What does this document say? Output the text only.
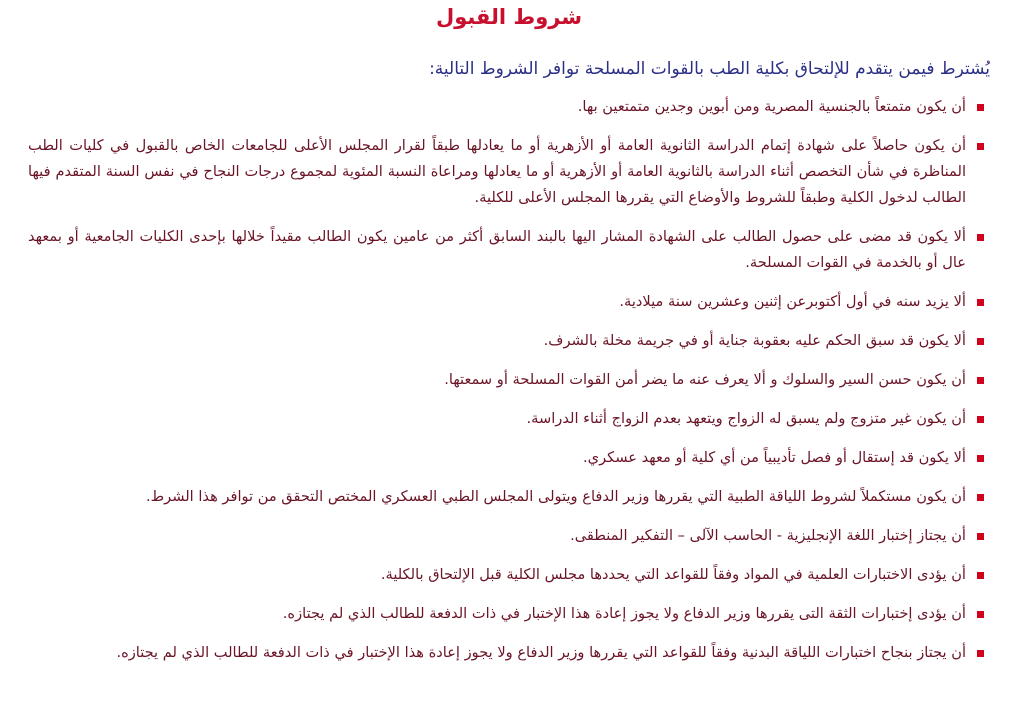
شروط القبول

يُشترط فيمن يتقدم للإلتحاق بكلية الطب بالقوات المسلحة توافر الشروط التالية:

أن يكون متمتعاً بالجنسية المصرية ومن أبوين وجدين متمتعين بها.
أن يكون حاصلاً على شهادة إتمام الدراسة الثانوية العامة أو الأزهرية أو ما يعادلها طبقاً لقرار المجلس الأعلى للجامعات الخاص بالقبول في كليات الطب المناظرة في شأن التخصص أثناء الدراسة بالثانوية العامة أو الأزهرية أو ما يعادلها ومراعاة النسبة المئوية لمجموع درجات النجاح في نفس السنة المتقدم فيها الطالب لدخول الكلية وطبقاً للشروط والأوضاع التي يقررها المجلس الأعلى للكلية.
ألا يكون قد مضى على حصول الطالب على الشهادة المشار اليها بالبند السابق أكثر من عامين يكون الطالب مقيداً خلالها بإحدى الكليات الجامعية أو بمعهد عال أو بالخدمة في القوات المسلحة.
ألا يزيد سنه في أول أكتوبرعن إثنين وعشرين سنة ميلادية.
ألا يكون قد سبق الحكم عليه بعقوبة جناية أو في جريمة مخلة بالشرف.
أن يكون حسن السير والسلوك و ألا يعرف عنه ما يضر أمن القوات المسلحة أو سمعتها.
أن يكون غير متزوج ولم يسبق له الزواج ويتعهد بعدم الزواج أثناء الدراسة.
ألا يكون قد إستقال أو فصل تأديبياً من أي كلية أو معهد عسكري.
أن يكون مستكملاً لشروط اللياقة الطبية التي يقررها وزير الدفاع ويتولى المجلس الطبي العسكري المختص التحقق من توافر هذا الشرط.
أن يجتاز إختبار اللغة الإنجليزية - الحاسب الآلى – التفكير المنطقى.
أن يؤدى الاختبارات العلمية في المواد وفقاً للقواعد التي يحددها مجلس الكلية قبل الإلتحاق بالكلية.
أن يؤدى إختبارات الثقة التى يقررها وزير الدفاع ولا يجوز إعادة هذا الإختبار في ذات الدفعة للطالب الذي لم يجتازه.
أن يجتاز بنجاح اختبارات اللياقة البدنية وفقاً للقواعد التي يقررها وزير الدفاع ولا يجوز إعادة هذا الإختبار في ذات الدفعة للطالب الذي لم يجتازه.
